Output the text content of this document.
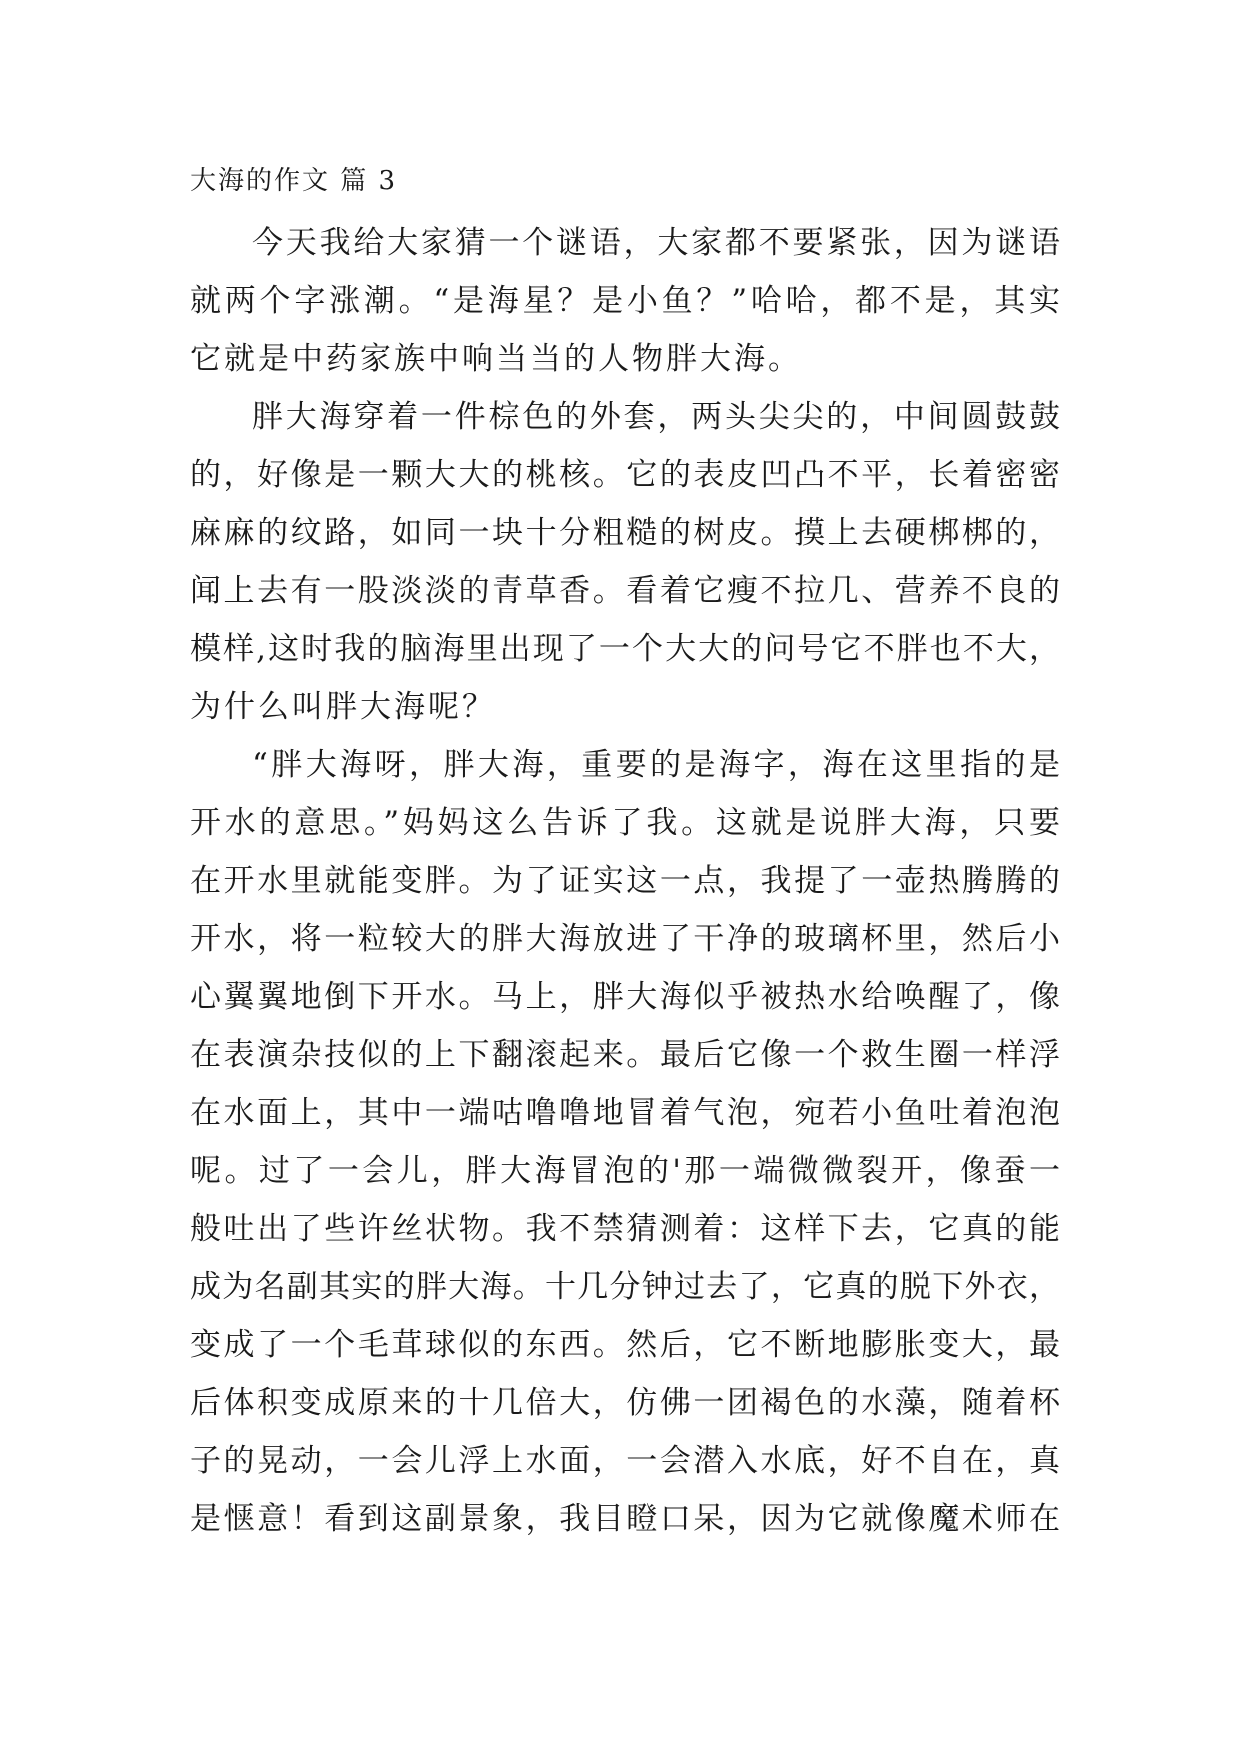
大海的作文 篇 3
今天我给大家猜一个谜语，大家都不要紧张，因为谜语
就两个字涨潮。“是海星？是小鱼？”哈哈，都不是，其实
它就是中药家族中响当当的人物胖大海。
胖大海穿着一件棕色的外套，两头尖尖的，中间圆鼓鼓
的，好像是一颗大大的桃核。它的表皮凹凸不平，长着密密
麻麻的纹路，如同一块十分粗糙的树皮。摸上去硬梆梆的，
闻上去有一股淡淡的青草香。看着它瘦不拉几、营养不良的
模样,这时我的脑海里出现了一个大大的问号它不胖也不大，
为什么叫胖大海呢？
“胖大海呀，胖大海，重要的是海字，海在这里指的是
开水的意思。”妈妈这么告诉了我。这就是说胖大海，只要
在开水里就能变胖。为了证实这一点，我提了一壶热腾腾的
开水，将一粒较大的胖大海放进了干净的玻璃杯里，然后小
心翼翼地倒下开水。马上，胖大海似乎被热水给唤醒了，像
在表演杂技似的上下翻滚起来。最后它像一个救生圈一样浮
在水面上，其中一端咕噜噜地冒着气泡，宛若小鱼吐着泡泡
呢。过了一会儿，胖大海冒泡的'那一端微微裂开，像蚕一
般吐出了些许丝状物。我不禁猜测着：这样下去，它真的能
成为名副其实的胖大海。十几分钟过去了，它真的脱下外衣，
变成了一个毛茸球似的东西。然后，它不断地膨胀变大，最
后体积变成原来的十几倍大，仿佛一团褐色的水藻，随着杯
子的晃动，一会儿浮上水面，一会潜入水底，好不自在，真
是惬意！看到这副景象，我目瞪口呆，因为它就像魔术师在
